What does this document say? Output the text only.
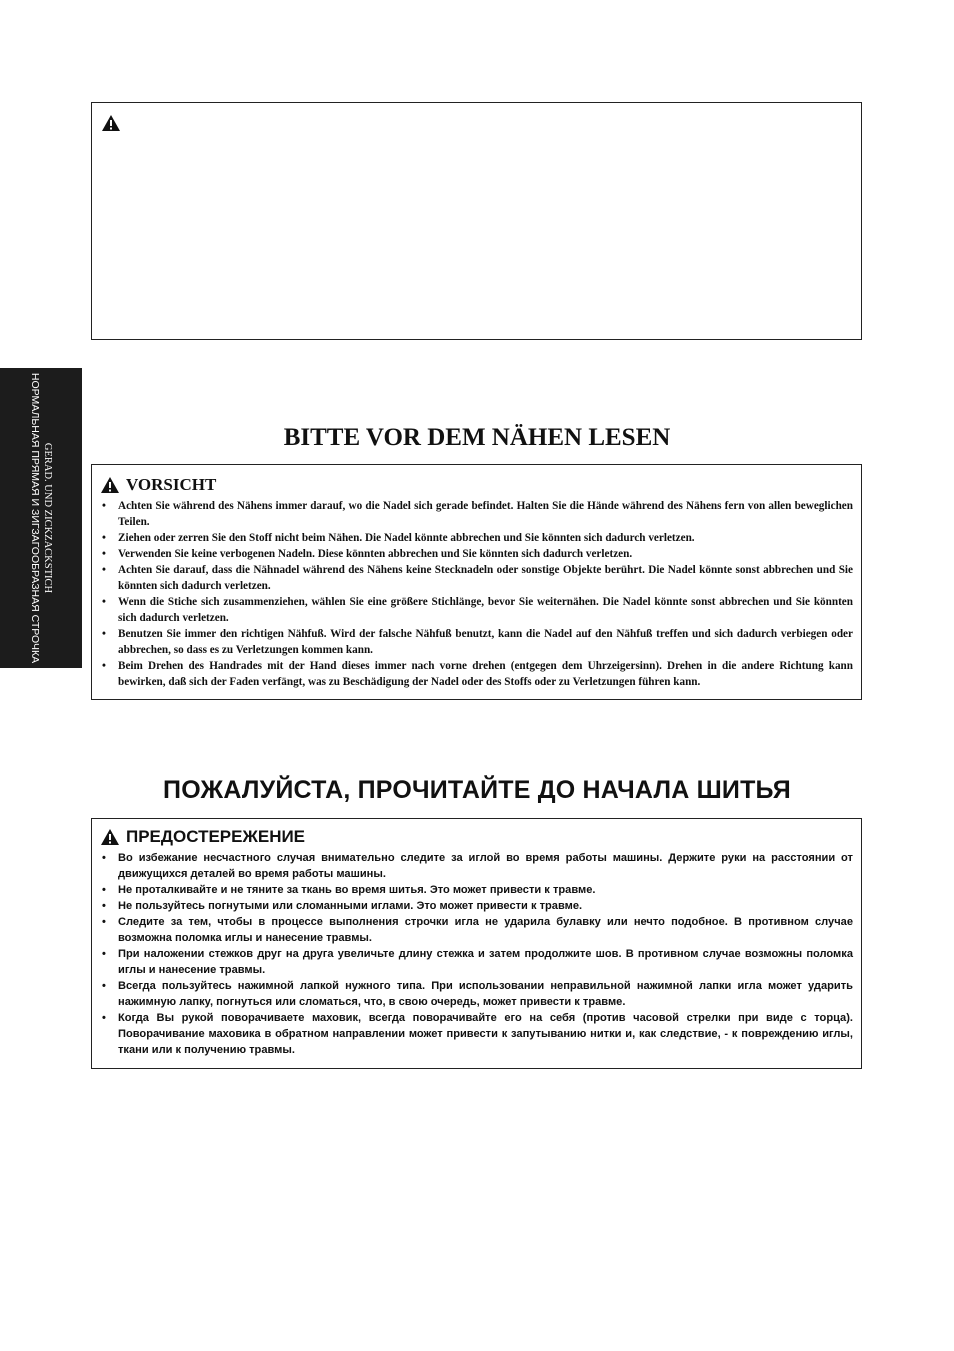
GERAD. UND ZICKZACKSTICH
НОРМАЛЬНАЯ ПРЯМАЯ И ЗИГЗАГООБРАЗНАЯ СТРОЧКА	BITTE VOR DEM NÄHEN LESEN
VORSICHT
• Achten Sie während des Nähens immer darauf, wo die Nadel sich gerade befindet. Halten Sie die Hände während des Nähens fern von allen beweglichen Teilen.
• Ziehen oder zerren Sie den Stoff nicht beim Nähen. Die Nadel könnte abbrechen und Sie könnten sich dadurch verletzen.
• Verwenden Sie keine verbogenen Nadeln. Diese könnten abbrechen und Sie könnten sich dadurch verletzen.
• Achten Sie darauf, dass die Nähnadel während des Nähens keine Stecknadeln oder sonstige Objekte berührt. Die Nadel könnte sonst abbrechen und Sie könnten sich dadurch verletzen.
• Wenn die Stiche sich zusammenziehen, wählen Sie eine größere Stichlänge, bevor Sie weiternähen. Die Nadel könnte sonst abbrechen und Sie könnten sich dadurch verletzen.
• Benutzen Sie immer den richtigen Nähfuß. Wird der falsche Nähfuß benutzt, kann die Nadel auf den Nähfuß treffen und sich dadurch verbiegen oder abbrechen, so dass es zu Verletzungen kommen kann.
• Beim Drehen des Handrades mit der Hand dieses immer nach vorne drehen (entgegen dem Uhrzeigersinn). Drehen in die andere Richtung kann bewirken, daß sich der Faden verfängt, was zu Beschädigung der Nadel oder des Stoffs oder zu Verletzungen führen kann.
ПОЖАЛУЙСТА, ПРОЧИТАЙТЕ ДО НАЧАЛА ШИТЬЯ
ПРЕДОСТЕРЕЖЕНИЕ
• Во избежание несчастного случая внимательно следите за иглой во время работы машины. Держите руки на расстоянии от движущихся деталей во время работы машины.
• Не проталкивайте и не тяните за ткань во время шитья. Это может привести к травме.
• Не пользуйтесь погнутыми или сломанными иглами. Это может привести к травме.
• Следите за тем, чтобы в процессе выполнения строчки игла не ударила булавку или нечто подобное. В противном случае возможна поломка иглы и нанесение травмы.
• При наложении стежков друг на друга увеличьте длину стежка и затем продолжите шов. В противном случае возможны поломка иглы и нанесение травмы.
• Всегда пользуйтесь нажимной лапкой нужного типа. При использовании неправильной нажимной лапки игла может ударить нажимную лапку, погнуться или сломаться, что, в свою очередь, может привести к травме.
• Когда Вы рукой поворачиваете маховик, всегда поворачивайте его на себя (против часовой стрелки при виде с торца). Поворачивание маховика в обратном направлении может привести к запутыванию нитки и, как следствие, - к повреждению иглы, ткани или к получению травмы.
